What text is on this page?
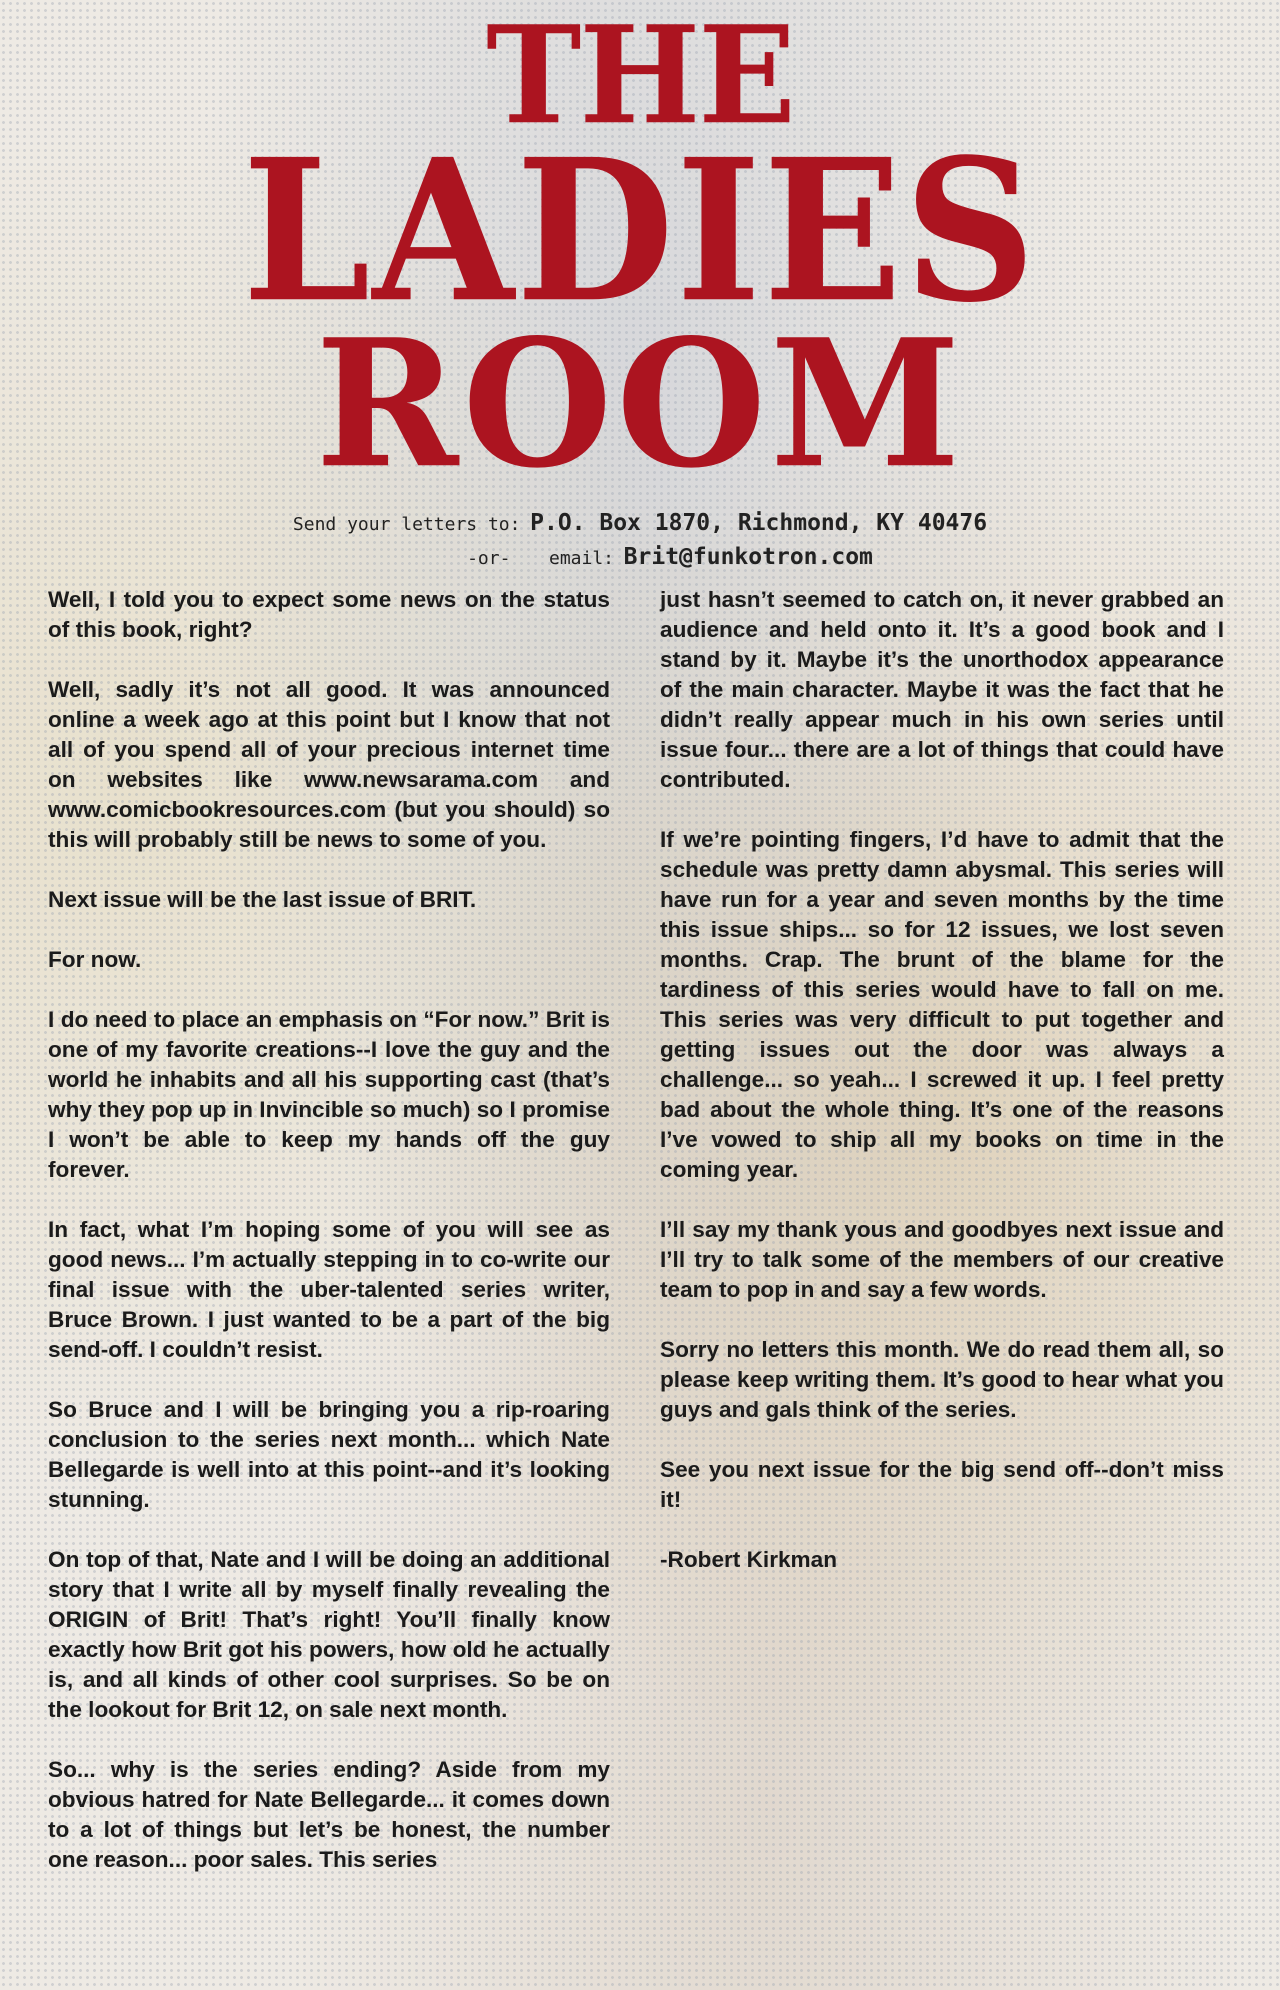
THE
LADIES
ROOM
Send your letters to: P.O. Box 1870, Richmond, KY 40476
-or- email: Brit@funkotron.com

Well, I told you to expect some news on the status of this book, right?

Well, sadly it’s not all good. It was announced online a week ago at this point but I know that not all of you spend all of your precious internet time on websites like www.newsarama.com and www.comicbookresources.com (but you should) so this will probably still be news to some of you.

Next issue will be the last issue of BRIT.

For now.

I do need to place an emphasis on “For now.” Brit is one of my favorite creations--I love the guy and the world he inhabits and all his supporting cast (that’s why they pop up in Invincible so much) so I promise I won’t be able to keep my hands off the guy forever.

In fact, what I’m hoping some of you will see as good news... I’m actually stepping in to co-write our final issue with the uber-talented series writer, Bruce Brown. I just wanted to be a part of the big send-off. I couldn’t resist.

So Bruce and I will be bringing you a rip-roaring conclusion to the series next month... which Nate Bellegarde is well into at this point--and it’s looking stunning.

On top of that, Nate and I will be doing an additional story that I write all by myself finally revealing the ORIGIN of Brit! That’s right! You’ll finally know exactly how Brit got his powers, how old he actually is, and all kinds of other cool surprises. So be on the lookout for Brit 12, on sale next month.

So... why is the series ending? Aside from my obvious hatred for Nate Bellegarde... it comes down to a lot of things but let’s be honest, the number one reason... poor sales. This series

just hasn’t seemed to catch on, it never grabbed an audience and held onto it. It’s a good book and I stand by it. Maybe it’s the unorthodox appearance of the main character. Maybe it was the fact that he didn’t really appear much in his own series until issue four... there are a lot of things that could have contributed.

If we’re pointing fingers, I’d have to admit that the schedule was pretty damn abysmal. This series will have run for a year and seven months by the time this issue ships... so for 12 issues, we lost seven months. Crap. The brunt of the blame for the tardiness of this series would have to fall on me. This series was very difficult to put together and getting issues out the door was always a challenge... so yeah... I screwed it up. I feel pretty bad about the whole thing. It’s one of the reasons I’ve vowed to ship all my books on time in the coming year.

I’ll say my thank yous and goodbyes next issue and I’ll try to talk some of the members of our creative team to pop in and say a few words.

Sorry no letters this month. We do read them all, so please keep writing them. It’s good to hear what you guys and gals think of the series.

See you next issue for the big send off--don’t miss it!

-Robert Kirkman
